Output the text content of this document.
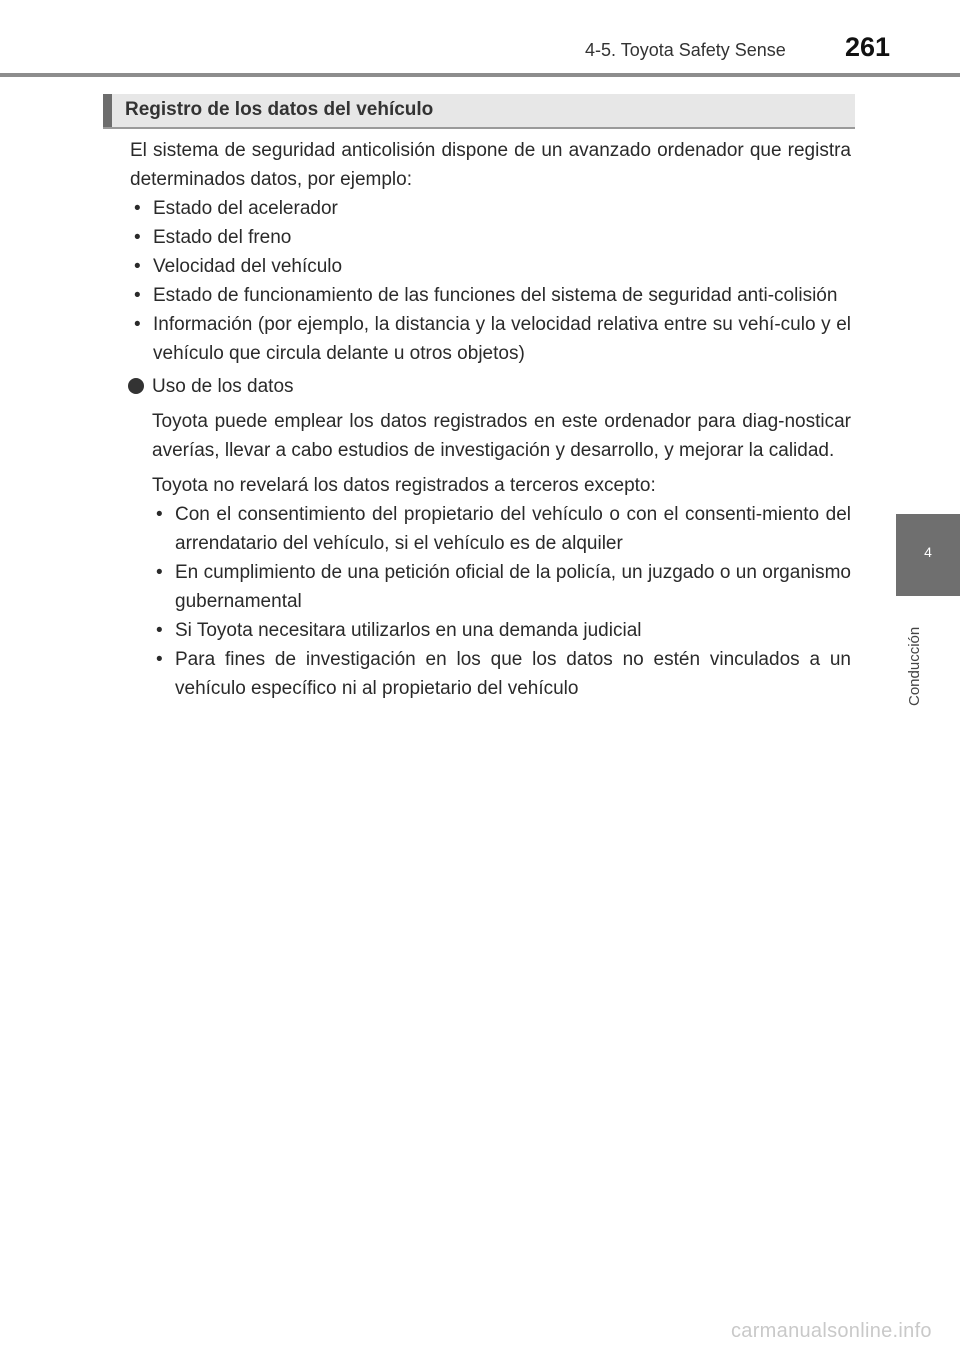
4-5. Toyota Safety Sense 261
Registro de los datos del vehículo

El sistema de seguridad anticolisión dispone de un avanzado ordenador que registra determinados datos, por ejemplo:

• Estado del acelerador
• Estado del freno
• Velocidad del vehículo
• Estado de funcionamiento de las funciones del sistema de seguridad anti-colisión
• Información (por ejemplo, la distancia y la velocidad relativa entre su vehí-culo y el vehículo que circula delante u otros objetos)
Uso de los datos

Toyota puede emplear los datos registrados en este ordenador para diag-nosticar averías, llevar a cabo estudios de investigación y desarrollo, y mejorar la calidad.

Toyota no revelará los datos registrados a terceros excepto:

• Con el consentimiento del propietario del vehículo o con el consenti-miento del arrendatario del vehículo, si el vehículo es de alquiler
• En cumplimiento de una petición oficial de la policía, un juzgado o un organismo gubernamental
• Si Toyota necesitara utilizarlos en una demanda judicial
• Para fines de investigación en los que los datos no estén vinculados a un vehículo específico ni al propietario del vehículo
4
Conducción
carmanualsonline.info
